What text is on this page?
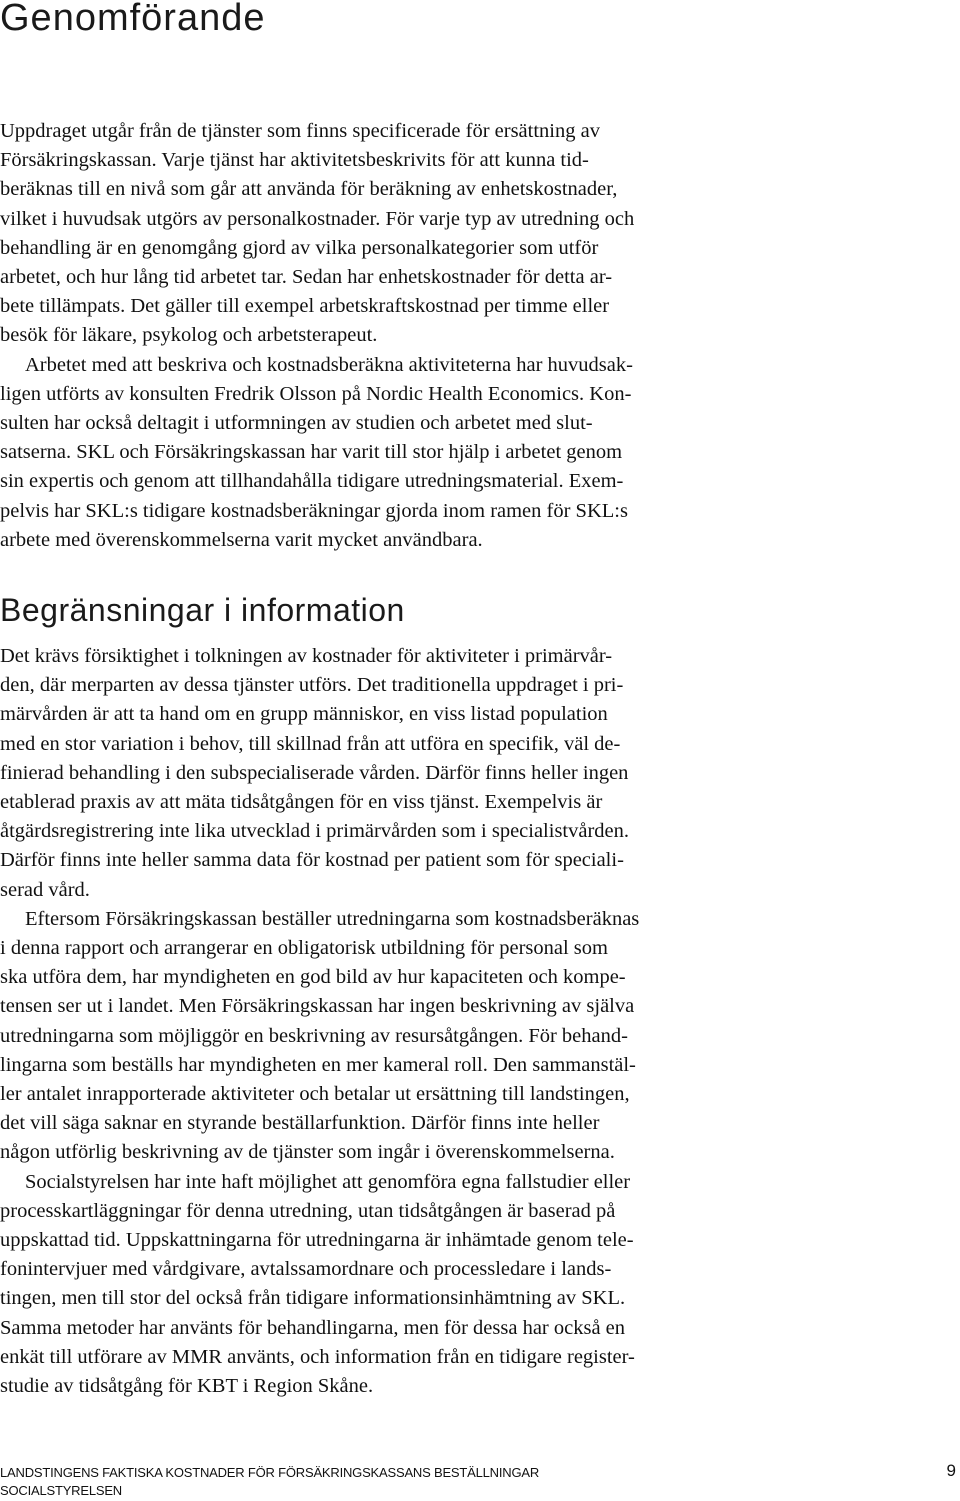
Genomförande
Uppdraget utgår från de tjänster som finns specificerade för ersättning av
Försäkringskassan. Varje tjänst har aktivitetsbeskrivits för att kunna tid-
beräknas till en nivå som går att använda för beräkning av enhetskostnader,
vilket i huvudsak utgörs av personalkostnader. För varje typ av utredning och
behandling är en genomgång gjord av vilka personalkategorier som utför
arbetet, och hur lång tid arbetet tar. Sedan har enhetskostnader för detta ar-
bete tillämpats. Det gäller till exempel arbetskraftskostnad per timme eller
besök för läkare, psykolog och arbetsterapeut.
Arbetet med att beskriva och kostnadsberäkna aktiviteterna har huvudsak-
ligen utförts av konsulten Fredrik Olsson på Nordic Health Economics. Kon-
sulten har också deltagit i utformningen av studien och arbetet med slut-
satserna. SKL och Försäkringskassan har varit till stor hjälp i arbetet genom
sin expertis och genom att tillhandahålla tidigare utredningsmaterial. Exem-
pelvis har SKL:s tidigare kostnadsberäkningar gjorda inom ramen för SKL:s
arbete med överenskommelserna varit mycket användbara.
Begränsningar i information
Det krävs försiktighet i tolkningen av kostnader för aktiviteter i primärvår-
den, där merparten av dessa tjänster utförs. Det traditionella uppdraget i pri-
märvården är att ta hand om en grupp människor, en viss listad population
med en stor variation i behov, till skillnad från att utföra en specifik, väl de-
finierad behandling i den subspecialiserade vården. Därför finns heller ingen
etablerad praxis av att mäta tidsåtgången för en viss tjänst. Exempelvis är
åtgärdsregistrering inte lika utvecklad i primärvården som i specialistvården.
Därför finns inte heller samma data för kostnad per patient som för speciali-
serad vård.
Eftersom Försäkringskassan beställer utredningarna som kostnadsberäknas
i denna rapport och arrangerar en obligatorisk utbildning för personal som
ska utföra dem, har myndigheten en god bild av hur kapaciteten och kompe-
tensen ser ut i landet. Men Försäkringskassan har ingen beskrivning av själva
utredningarna som möjliggör en beskrivning av resursåtgången. För behand-
lingarna som beställs har myndigheten en mer kameral roll. Den sammanstäl-
ler antalet inrapporterade aktiviteter och betalar ut ersättning till landstingen,
det vill säga saknar en styrande beställarfunktion. Därför finns inte heller
någon utförlig beskrivning av de tjänster som ingår i överenskommelserna.
Socialstyrelsen har inte haft möjlighet att genomföra egna fallstudier eller
processkartläggningar för denna utredning, utan tidsåtgången är baserad på
uppskattad tid. Uppskattningarna för utredningarna är inhämtade genom tele-
fonintervjuer med vårdgivare, avtalssamordnare och processledare i lands-
tingen, men till stor del också från tidigare informationsinhämtning av SKL.
Samma metoder har använts för behandlingarna, men för dessa har också en
enkät till utförare av MMR använts, och information från en tidigare register-
studie av tidsåtgång för KBT i Region Skåne.
LANDSTINGENS FAKTISKA KOSTNADER FÖR FÖRSÄKRINGSKASSANS BESTÄLLNINGAR
SOCIALSTYRELSEN
9
